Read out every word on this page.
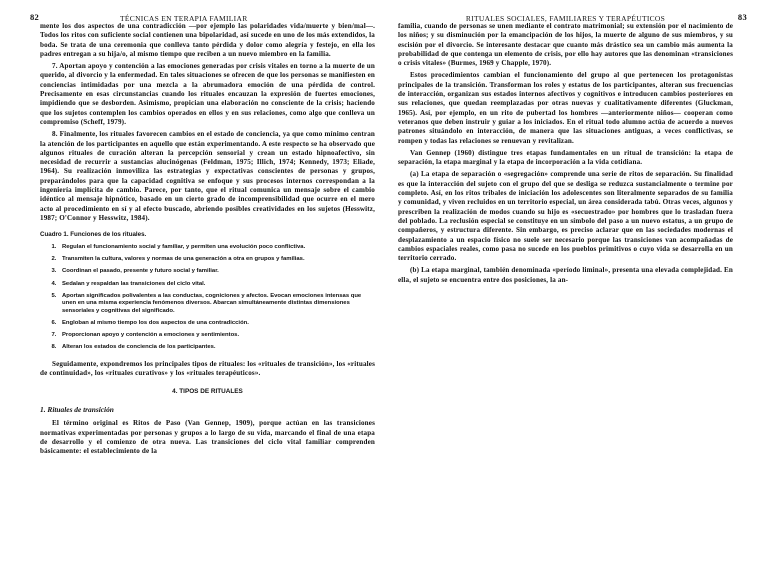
82	TÉCNICAS EN TERAPIA FAMILIAR

mente los dos aspectos de una contradicción —por ejemplo las polaridades vida/muerte y bien/mal—. Todos los ritos con suficiente social contienen una bipolaridad, así sucede en uno de los más extendidos, la boda. Se trata de una ceremonia que conlleva tanto pérdida y dolor como alegría y festejo, en ella los padres entregan a su hija/o, al mismo tiempo que reciben a un nuevo miembro en la familia.

7. Aportan apoyo y contención a las emociones generadas por crisis vitales en torno a la muerte de un querido, al divorcio y la enfermedad. En tales situaciones se ofrecen de que los personas se manifiesten en conciencias intimidadas por una mezcla a la abrumadora emoción de una pérdida de control. Precisamente en esas circunstancias cuando los rituales encauzan la expresión de fuertes emociones, impidiendo que se desborden. Asimismo, propician una elaboración no consciente de la crisis; haciendo que los sujetos contemplen los cambios operados en ellos y en sus relaciones, como algo que conlleva un compromiso (Scheff, 1979).

8. Finalmente, los rituales favorecen cambios en el estado de conciencia, ya que como mínimo centran la atención de los participantes en aquello que están experimentando. A este respecto se ha observado que algunos rituales de curación alteran la percepción sensorial y crean un estado hipnoafectivo, sin necesidad de recurrir a sustancias alucinógenas (Feldman, 1975; Illich, 1974; Kennedy, 1973; Eliade, 1964). Su realización inmoviliza las estrategias y expectativas conscientes de personas y grupos, preparándolos para que la capacidad cognitiva se enfoque y sus procesos internos correspondan a la ingeniería implícita de cambio. Parece, por tanto, que el ritual comunica un mensaje sobre el cambio idéntico al mensaje hipnótico, basado en un cierto grado de incomprensibilidad que ocurre en el mero acto al procedimiento en sí y al efecto buscado, abriendo posibles creatividades en los sujetos (Hesswitz, 1987; O'Connor y Hesswitz, 1984).

Cuadro 1. Funciones de los rituales.
1. Regulan el funcionamiento social y familiar, y permiten una evolución poco conflictiva.
2. Transmiten la cultura, valores y normas de una generación a otra en grupos y familias.
3. Coordinan el pasado, presente y futuro social y familiar.
4. Sedalan y respaldan las transiciones del ciclo vital.
5. Aportan significados polivalentes a las conductas, cogniciones y afectos. Evocan emociones intensas que unen en una misma experiencia fenómenos diversos. Abarcan simultáneamente distintas dimensiones sensoriales y cognitivas del significado.
6. Engloban al mismo tiempo los dos aspectos de una contradicción.
7. Proporcionan apoyo y contención a emociones y sentimientos.
8. Alteran los estados de conciencia de los participantes.

Seguidamente, expondremos los principales tipos de rituales: los «rituales de transición», los «rituales de continuidad», los «rituales curativos» y los «rituales terapéuticos».

4. TIPOS DE RITUALES
1. Rituales de transición

El término original es Ritos de Paso (Van Gennep, 1909), porque actúan en las transiciones normativas experimentadas por personas y grupos a lo largo de su vida, marcando el final de una etapa de desarrollo y el comienzo de otra nueva. Las transiciones del ciclo vital familiar comprenden básicamente: el establecimiento de la

RITUALES SOCIALES, FAMILIARES Y TERAPÉUTICOS	83

familia, cuando de personas se unen mediante el contrato matrimonial; su extensión por el nacimiento de los niños; y su disminución por la emancipación de los hijos, la muerte de alguno de sus miembros, y su escisión por el divorcio. Se interesante destacar que cuanto más drástico sea un cambio más aumenta la probabilidad de que contenga un elemento de crisis, por ello hay autores que las denominan «transiciones o crisis vitales» (Burmes, 1969 y Chapple, 1970).

Estos procedimientos cambian el funcionamiento del grupo al que pertenecen los protagonistas principales de la transición. Transforman los roles y estatus de los participantes, alteran sus frecuencias de interacción, organizan sus estados internos afectivos y cognitivos e introducen cambios posteriores en sus relaciones, que quedan reemplazadas por otras nuevas y cualitativamente diferentes (Gluckman, 1965). Así, por ejemplo, en un rito de pubertad los hombres —anteriormente niños— cooperan como veteranos que deben instruir y guiar a los iniciados. En el ritual todo alumno actúa de acuerdo a nuevos patrones situándolo en interacción, de manera que las situaciones antiguas, a veces conflictivas, se rompen y todas las relaciones se renuevan y revitalizan.

Van Gennep (1960) distingue tres etapas fundamentales en un ritual de transición: la etapa de separación, la etapa marginal y la etapa de incorporación a la vida cotidiana.

(a) La etapa de separación o «segregación» comprende una serie de ritos de separación. Su finalidad es que la interacción del sujeto con el grupo del que se desliga se reduzca sustancialmente o termine por completo. Así, en los ritos tribales de iniciación los adolescentes son literalmente separados de su familia y comunidad, y viven recluidos en un territorio especial, un área considerada tabú. Otras veces, algunos y prescriben la realización de modos cuando su hijo es «secuestrado» por hombres que lo trasladan fuera del poblado. La reclusión especial se constituye en un símbolo del paso a un nuevo estatus, a un grupo de compañeros, y estructura diferente. Sin embargo, es preciso aclarar que en las sociedades modernas el desplazamiento a un espacio físico no suele ser necesario porque las transiciones van acompañadas de cambios espaciales reales, como pasa no sucede en los pueblos primitivos o cuyo vida se desarrolla en un territorio cerrado.

(b) La etapa marginal, también denominada «período liminal», presenta una elevada complejidad. En ella, el sujeto se encuentra entre dos posiciones, la an-
